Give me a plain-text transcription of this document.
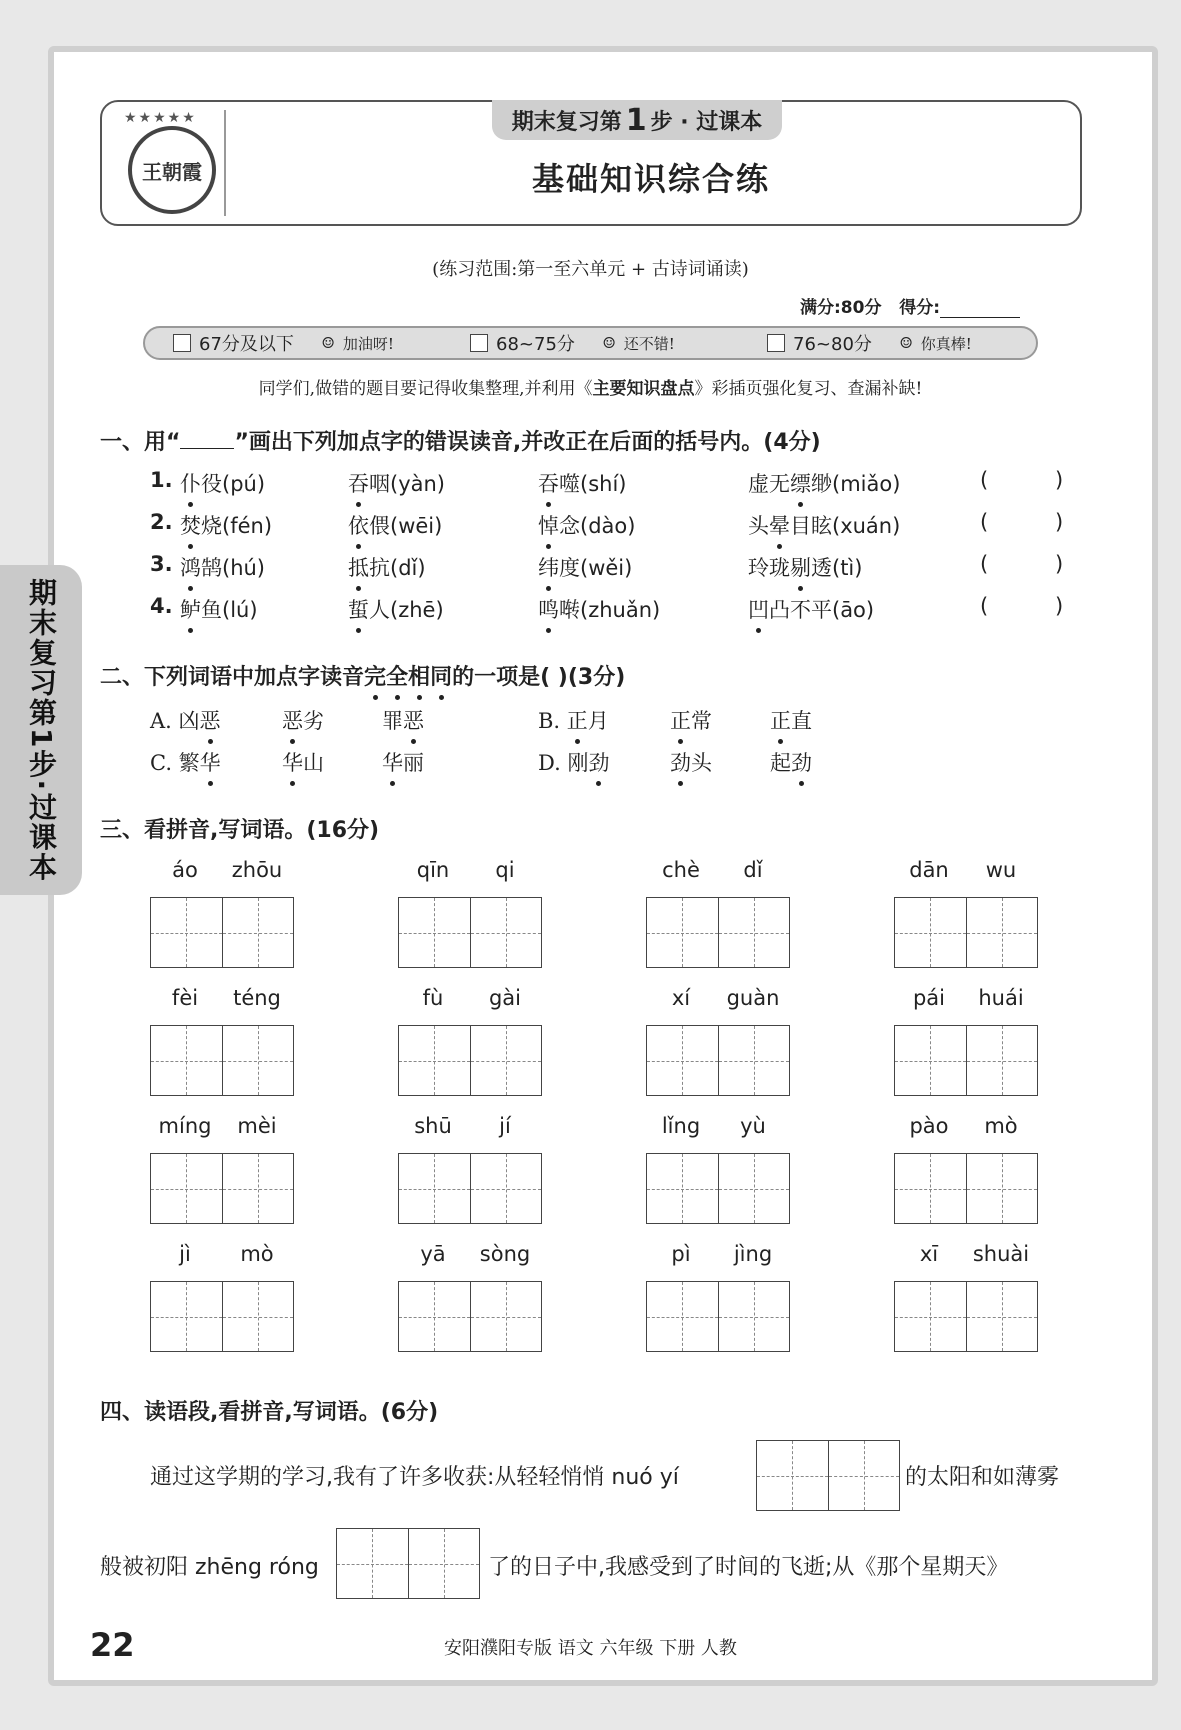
期末复习第1步·过课本
★★★★★
王朝霞
期末复习第 1 步 · 过课本
基础知识综合练
(练习范围:第一至六单元 + 古诗词诵读)
满分:80分 得分:
67分及以下
☺ 加油呀!	68~75分
☺ 还不错!	76~80分
☺ 你真棒!
同学们,做错的题目要记得收集整理,并利用《主要知识盘点》彩插页强化复习、查漏补缺!
一、用“ ”画出下列加点字的错误读音,并改正在后面的括号内。(4分)
1. 仆役(pú)	吞咽(yàn)	吞噬(shí)	虚无缥缈(miǎo)	(          )
2. 焚烧(fén)	依偎(wēi)	悼念(dào)	头晕目眩(xuán)	(          )
3. 鸿鹄(hú)	抵抗(dǐ)	纬度(wěi)	玲珑剔透(tì)	(          )
4. 鲈鱼(lú)	蜇人(zhē)	鸣啭(zhuǎn)	凹凸不平(āo)	(          )
二、下列词语中加点字读音完全相同的一项是( )(3分)
A. 凶恶	恶劣	罪恶	B. 正月	正常	正直
C. 繁华	华山	华丽	D. 刚劲	劲头	起劲
三、看拼音,写词语。(16分)
áo	zhōu	qīn	qi	chè	dǐ	dān	wu
fèi	téng	fù	gài	xí	guàn	pái	huái
míng	mèi	shū	jí	lǐng	yù	pào	mò
jì	mò	yā	sòng	pì	jìng	xī	shuài
四、读语段,看拼音,写词语。(6分)
通过这学期的学习,我有了许多收获:从轻轻悄悄 nuó yí	的太阳和如薄雾
般被初阳 zhēng róng	了的日子中,我感受到了时间的飞逝;从《那个星期天》
22	安阳濮阳专版 语文 六年级 下册 人教
